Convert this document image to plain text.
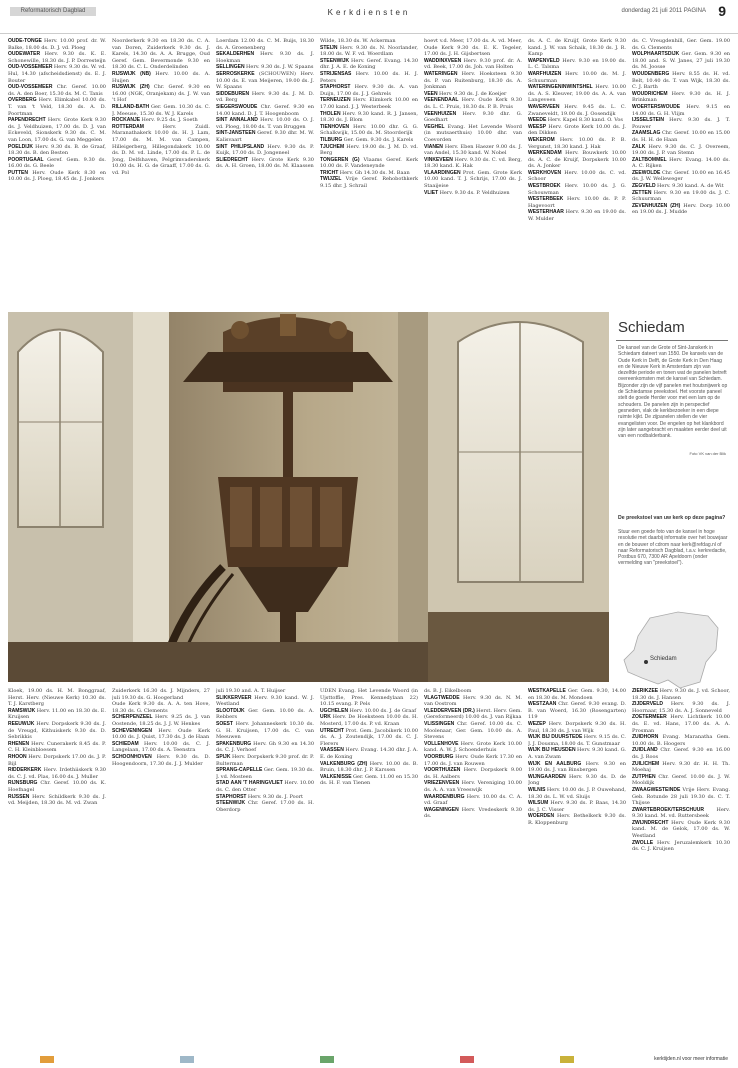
Reformatorisch Dagblad	Kerkdiensten	donderdag 21 juli 2011 PAGINA 9

OUDE-TONGE Herv. 10.00 prof. dr. W. Balke, 18.00 ds. D. J. vd. Ploeg

OUDEWATER Herv. 9.30 ds. K. E. Schonewille, 18.30 ds. J. P. Dorresteijn

OUD-VOSSEMEER Herv. 9.30 ds. W. vd. Hul, 14.30 (afscheidsdienst) ds. E. J. Bouter

OUD-VOSSEMEER Chr. Geref. 10.00 ds. A. den Boer, 15.30 ds. M. C. Tanis

OVERBERG Herv. Elimkabel 10.00 ds. T. van 't Veld, 18.30 ds. A. D. Poortman

PAPENDRECHT Herv. Grote Kerk 9.30 ds. J. Veldhuizen, 17.00 ds. D. J. van Eckeveld, Sionskerk 9.30 ds. C. M. van Loon, 17.00 ds. G. van Meggelen

POELDIJK Herv. 9.30 ds. B. de Graaf, 18.30 ds. B. den Besten

POORTUGAAL Geref. Gem. 9.30 ds. 16.00 ds. G. Beele

PUTTEN Herv. Oude Kerk 8.30 en 10.00 ds. J. Ploeg, 18.45 ds. J. Jonkers

Noorderkerk 9.30 en 18.30 ds. C. A. van Doren, Zuiderkerk 9.30 ds. J. Karels, 14.30 ds. A. A. Brugge, Oud Geref. Gem. Bevermonde 9.30 en 18.30 ds. C. L. Onderdelinden

RIJSWIJK (NB) Herv. 10.00 ds. A. Huijen

RIJSWIJK (ZH) Chr. Geref. 9.30 en 16.00 (NGK, Oranjekam) ds. J. W. van 't Hof

RILLAND-BATH Ger. Gem. 10.30 ds. C. J. Meeuse, 15.30 ds. W. J. Karels

ROCKANJE Herv. 9.25 ds. J. Soeth

ROTTERDAM Herv. Zuidl. Maranathakerk 10.00 ds. H. J. Lam, 17.00 ds. M. M. van Campen, Hilleigerberg, Hillegondakerk 10.00 ds. D. M. vd. Linde, 17.00 ds. P. L. de Jong, Delfshaven, Pelgrimvaderskerk 10.00 ds. H. G. de Graaff, 17.00 ds. G. vd. Pol

Loerdam 12.00 ds. C. M. Buijs, 18.30 ds. A. Groenenberg

SEKALDERHEN Herv. 9.30 ds. J. Hoekman

SELLINGEN Herv. 9.30 ds. J. W. Spaans

SERROSKERKE (SCHOUWEN) Herv. 10.00 ds. E. van Meijeren, 19.00 ds. J. W. Spaans

SIDDEBUREN Herv. 9.30 ds. J. M. D. vd. Berg

SIEGERSWOUDE Chr. Geref. 9.30 en 14.00 kand. D. J. T. Hoogenboom

SINT ANNALAND Herv. 10.00 ds. O. J. vd. Ploeg, 18.00 ds. T. van Bruggen

SINT-JANSTEEN Geref. 9.30 dhr. M. W. Kalisvaart

SINT PHILIPSLAND Herv. 9.30 ds. P. Kuijk, 17.00 ds. D. Jongeneel

SLIEDRECHT Herv. Grote Kerk 9.30 ds. A. H. Groen, 18.00 ds. M. Klaassen

Wilde, 18.30 ds. W. Ackerman

STEIJN Herv. 9.30 ds. N. Noorlander, 18.00 ds. W. F. vd. Woerdlam

STEENWIJK Herv. Geref. Evang. 14.30 dhr. J. A. E. de Koning

STRIJENSAS Herv. 10.00 ds. H. J. Peters

STAPHORST Herv. 9.30 ds. A. van Duijn, 17.00 ds. J. J. Gehrels

TERNEUZEN Herv. Elimkerk 10.00 en 17.00 kand. J. J. Westerbeek

THOLEN Herv. 9.30 kand. R. J. Jansen, 18.30 ds. J. Blom

TIENHOVEN Herv. 10.00 dhr. G. G. Schalkwijk, 15.00 ds. M. Stoorderijk

TILBURG Ger. Gem. 9.30 ds. J. Karels

TJUCHEM Herv. 19.00 ds. J. M. D. vd. Berg

TONGEREN (G) Vlaams Geref. Kerk 10.00 ds. F. Vandeneynde

TRICHT Herv. Gh 14.30 ds. M. Baan

TWIJZEL Vrije Geref. Rehobothkerk 9.15 dhr. J. Schrail

hoevt v.d. Meer, 17.00 ds. A. vd. Meer, Oude Kerk 9.30 ds. E. K. Tegeler, 17.00 ds. J. H. Gijsbertsen

WADDINXVEEN Herv. 9.30 prof. dr. A. vd. Beek, 17.00 ds. Joh. van Holten

WATERINGEN Herv. Hoeksteen 9.30 ds. P. van Ruitenburg, 18.30 ds. A. Jonkman

VEEN Herv. 9.30 ds. J. de Koeijer

VEENENDAAL Herv. Oude Kerk 9.30 ds. L. C. Pruis, 18.30 ds. P. B. Pruis

VEENHUIZEN Herv. 9.30 dhr. G. Goedhart

VEGHEL Evang. Het Levende Woord (in mutsaerthuis) 10.00 dhr. van Coevorden

VIANEN Herv. Eben Haezer 9.00 ds. J. van Andel, 15.30 kand. W. Nobel

VINKEVEEN Herv. 9.30 ds. C. vd. Berg, 18.30 kand. K. Hak

VLAARDINGEN Prot. Gem. Grote Kerk 10.00 kand. T. J. Schrijs, 17.00 ds. J. Staaijeise

VLIET Herv. 9.30 ds. P. Veldhuizen

ds. A. C. de Kruijf, Grote Kerk 9.30 kand. J. W. van Schaik, 18.30 ds. J. R. Kamp

WAPENVELD Herv. 9.30 en 19.00 ds. L. C. Talsma

WARFHUIZEN Herv. 10.00 ds. M. J. Schuurman

WATERINGENINWINTSHEL Herv. 10.00 ds. A. S. Kleuver, 19.00 ds. A. A. van Langeveen

WAVERVEEN Herv. 9.45 ds. L. C. Zwaneveldt, 19.00 ds. J. Oosendijk

WEEDE Herv. Kapel 8.30 kand. O. Vos

WEESP Herv. Grote Kerk 10.00 ds. J. den Dikken

WEKEROM Herv. 10.00 ds. P. B. Vergunst, 18.30 kand. J. Hak

WERKENDAM Herv. Bouwkerk 10.00 ds. A. C. de Kruijf, Dorpskerk 10.00 ds. A. Jonker

WERKHOVEN Herv. 10.00 ds. C. vd. Schoor

WESTBROEK Herv. 10.00 ds. J. G. Schouwman

WESTERBEEK Herv. 10.00 ds. P. P. Hagevoort

WESTERHAAR Herv. 9.30 en 19.00 ds. W. Mulder

ds. C. Vreugdenhill, Ger. Gem. 19.00 ds. G. Clements

WOLPHAARTSDIJK Ger. Gem. 9.30 en 18.00 and. S. W. Janes, 27 juli 19.30 ds. M. Joosse

WOUDENBERG Herv. 8.55 ds. H. vd. Belt, 10.40 ds. T. van Wijk, 18.30 ds. C. J. Barth

WOUDRICHEM Herv. 9.30 ds. H. J. Brinkman

WOERTERSWOUDE Herv. 9.15 en 14.00 ds. G. H. Vlijm

IJSSELSTEIN Herv. 9.30 ds. J. T. Pouwer

ZAAMSLAG Chr. Geref. 10.00 en 15.00 ds. H. H. de Haan

ZALK Herv. 9.30 ds. C. J. Overeem, 19.00 ds. J. P. van Stemn

ZALTBOMMEL Herv. Evang. 14.00 ds. A. C. Rijken

ZEEWOLDE Chr. Geref. 10.00 en 16.45 ds. J. W. Welleweger

ZEGVELD Herv. 9.30 kand. A. de Wit

ZETTEN Herv. 9.30 en 19.00 ds. J. C. Schuurman

ZEVENHUIZEN (ZH) Herv. Dorp 10.00 en 19.00 ds. J. Mudde

Schiedam
De kansel van de Grote of Sint-Janskerk in Schiedam dateert van 1550. De kansels van de Oude Kerk in Delft, de Grote Kerk in Den Haag en de Nieuwe Kerk in Amsterdam zijn van dezelfde periode en tonen wat de panelen betreft overeenkomsten met de kansel van Schiedam. Bijzonder zijn de vijf panelen met houtsnijwerk op de Schiedamse preekstoel. Het voorste paneel stelt de goede Herder voor met een lam op de schouders. De panelen zijn in perspectief gesneden, vlak de kerkbezoeker in een diepe ruimte kijkt. De zijpanelen stellen de vier evangelisten voor. De engelen op het klankbord zijn later aangebracht en maakten eerder deel uit van een nodbalderbank.
Foto VK van der Blik
De preekstoel van uw kerk op deze pagina?
Stuur een goede foto van de kansel in hoge resolutie met daarbij informatie over het bouwjaar en de bouwer of cdrom naar kerk@refdag.nl of naar Reformatorisch Dagblad, t.a.v. kerkredactie, Postbus 670, 7300 AR Apeldoorn (onder vermelding van "preekstoel").
Schiedam

Kloek, 19.00 ds. H. M. Bonggraaf, Herst. Herv. (Nieuwe Kerk) 10.30 ds. T. J. Karstberg

RAMSWIJK Herv. 11.00 en 18.30 ds. E. Kruijsen

REEUWIJK Herv. Dorpskerk 9.30 ds. J. de Vreugd, Kithuiskerk 9.30 ds. D. Sebrikkis

RHENEN Herv. Cunerakerk 8.45 ds. P. C. H. Kleinbloesem

RHOON Herv. Dorpskerk 17.00 ds. J. P. Bijl

RIDDERKERK Herv. Irdethiiskerk 9.30 ds. C. J. vd. Plas, 16.00 ds. J. Muller

RIJNSBURG Chr. Geref. 10.00 ds. K. Hoefnagel

RIJSSEN Herv. Schildkerk 9.30 ds. J. vd. Meijden, 18.30 ds. M. vd. Zwan

Zuiderkerk 16.30 ds. J. Mijnders, 27 juli 19.30 ds. G. Hoogerland

Oude Kerk 9.30 ds. A. A. ten Hove, 18.30 ds. G. Clements

SCHERPENZEEL Herv. 9.25 ds. J. van Oostende, 18.25 ds. J. J. W. Henkes

SCHEVENINGEN Herv. Oude Kerk 10.00 ds. J. Quist, 17.30 ds. J. de Haan

SCHIEDAM Herv. 10.00 ds. C. J. Langelaan, 17.00 ds. A. Teenstra

SCHOONHOVEN Herv. 9.30 ds. D. Hoogendoorn, 17.30 ds. J. J. Mulder

juli 19.30 and. A. T. Huijser

SLIKKERVEER Herv. 9.30 kand. W. J. Westland

SLOOTDIJK Ger. Gem. 10.00 ds. A. Rebbers

SOEST Herv. Johanneskerk 10.30 ds. G. H. Kruijsen, 17.00 ds. C. van Meeuwen

SPAKENBURG Herv. Gh 9.30 en 14.30 ds. C. J. Verhoef

SPIJK Herv. Dorpskerk 9.30 prof. dr. P. Bulterman

SPRANG-CAPELLE Ger. Gem. 19.30 ds. J. vd. Mosteen

STAD AAN 'T HARINGVLIET Herv. 10.00 ds. C. den Otter

STAPHORST Herv. 9.30 ds. J. Poort

STEENWIJK Chr. Geref. 17.00 ds. H. Oberdorp

UDEN Evang. Het Levende Woord (in Ujsttoffie, Pres. Kennedylaan 22) 10.15 evang. P. Pels

UGCHELEN Herv. 10.00 ds. J. de Graaf

URK Herv. De Hoeksteen 10.00 ds. H. Mosterd, 17.00 ds. P. vd. Kraan

UTRECHT Prot. Gem. Jacobikerk 10.00 ds. A. J. Zoutendijk, 17.00 ds. C. J. Flerers

VAASSEN Herv. Evang. 14.30 dhr. J. A. E. de Koning

VALKENBURG (ZH) Herv. 10.00 ds. B. Bruin, 18.30 dhr. J. P. Karssen

VALKENISSE Ger. Gem. 11.00 en 15.30 ds. H. F. van Tienen

ds. B. J. Eikelboom

VLAGTWEDDE Herv. 9.30 ds. N. M. van Oostrom

VLEDDERVEEN (DR.) Herst. Herv. Gem. (Gereformeerd) 10.00 ds. J. van Rijkaa

VLISSINGEN Chr. Geref. 10.00 ds. C. Moolenaar, Ger. Gem. 10.00 ds. A. Stevens

VOLLENHOVE Herv. Grote Kerk 10.00 kand. A. W. J. Schoenderhuis

VOORBURG Herv. Oude Kerk 17.30 en 17.00 ds. J. van Rouwen

VOORTHUIZEN Herv. Dorpskerk 9.00 ds. H. Aalbers

VRIEZENVEEN Herv. Vereniging 10.00 ds. A. A. van Vreeswijk

WAARDENBURG Herv. 10.00 ds. C. A. vd. Graaf

WAGENINGEN Herv. Vredeskerk 9.30 ds.

WESTKAPELLE Ger. Gem. 9.30, 14.00 en 18.30 ds. M. Mondoen

WESTZAAN Chr. Geref. 9.30 evang. D. B. van Woerd, 16.30 (Rosengarten) 119

WEZEP Herv. Dorpskerk 9.30 ds. H. Paul, 18.30 ds. J. van Wijk

WIJK BIJ DUURSTEDE Herv. 9.15 ds. C. J. J. Dousma, 18.00 ds. T. Gunstmaar

WIJK BIJ HEUSDEN Herv. 9.30 kand. G. A. van Zwam

WIJK EN AALBURG Herv. 9.30 en 19.00 ds. J. van Binsbergen

WIJNGAARDEN Herv. 9.30 ds. D. de Jong

WILNIS Herv. 10.00 ds. J. P. Ouwehand, 18.30 ds. L. W. vd. Sluijs

WILSUM Herv. 9.30 ds. P. Baas, 14.30 ds. J. C. Visser

WOERDEN Herv. Bethelkerk 9.30 ds. R. Kloppenburg

ZIERIKZEE Herv. 9.30 ds. J. vd. Schoor, 18.30 ds. J. Hansen

ZIJDERVELD Herv. 9.30 ds. J. Hoornaar, 15.30 ds. A. J. Sonneveld

ZOETERMEER Herv. Lichtkerk 10.00 ds. E. vd. Hans, 17.00 ds. A. A. Prosman

ZUIDHORN Evang. Maranatha Gem. 10.00 ds. B. Hoogers

ZUIDLAND Chr. Geref. 9.30 en 16.00 ds. J. Roos

ZUILICHEM Herv. 9.30 dr. H. H. Th. Moehaj

ZUTPHEN Chr. Geref. 10.00 ds. J. W. Mooldijk

ZWAAGWESTEINDE Vrije Herv. Evang. Geb. Rotunde 28 juli 19.30 ds. C. T. Thijsse

ZWARTEBROEK/TERSCHUUR Herv. 9.30 kand. M. vd. Ruttersbeek

ZWIJNDRECHT Herv. Oude Kerk 9.30 kand. M. de Gelok, 17.00 ds. W. Westland

ZWOLLE Herv. Jeruzalemkerk 10.30 ds. C. J. Kruijsen

kerktijden.nl voor meer informatie
